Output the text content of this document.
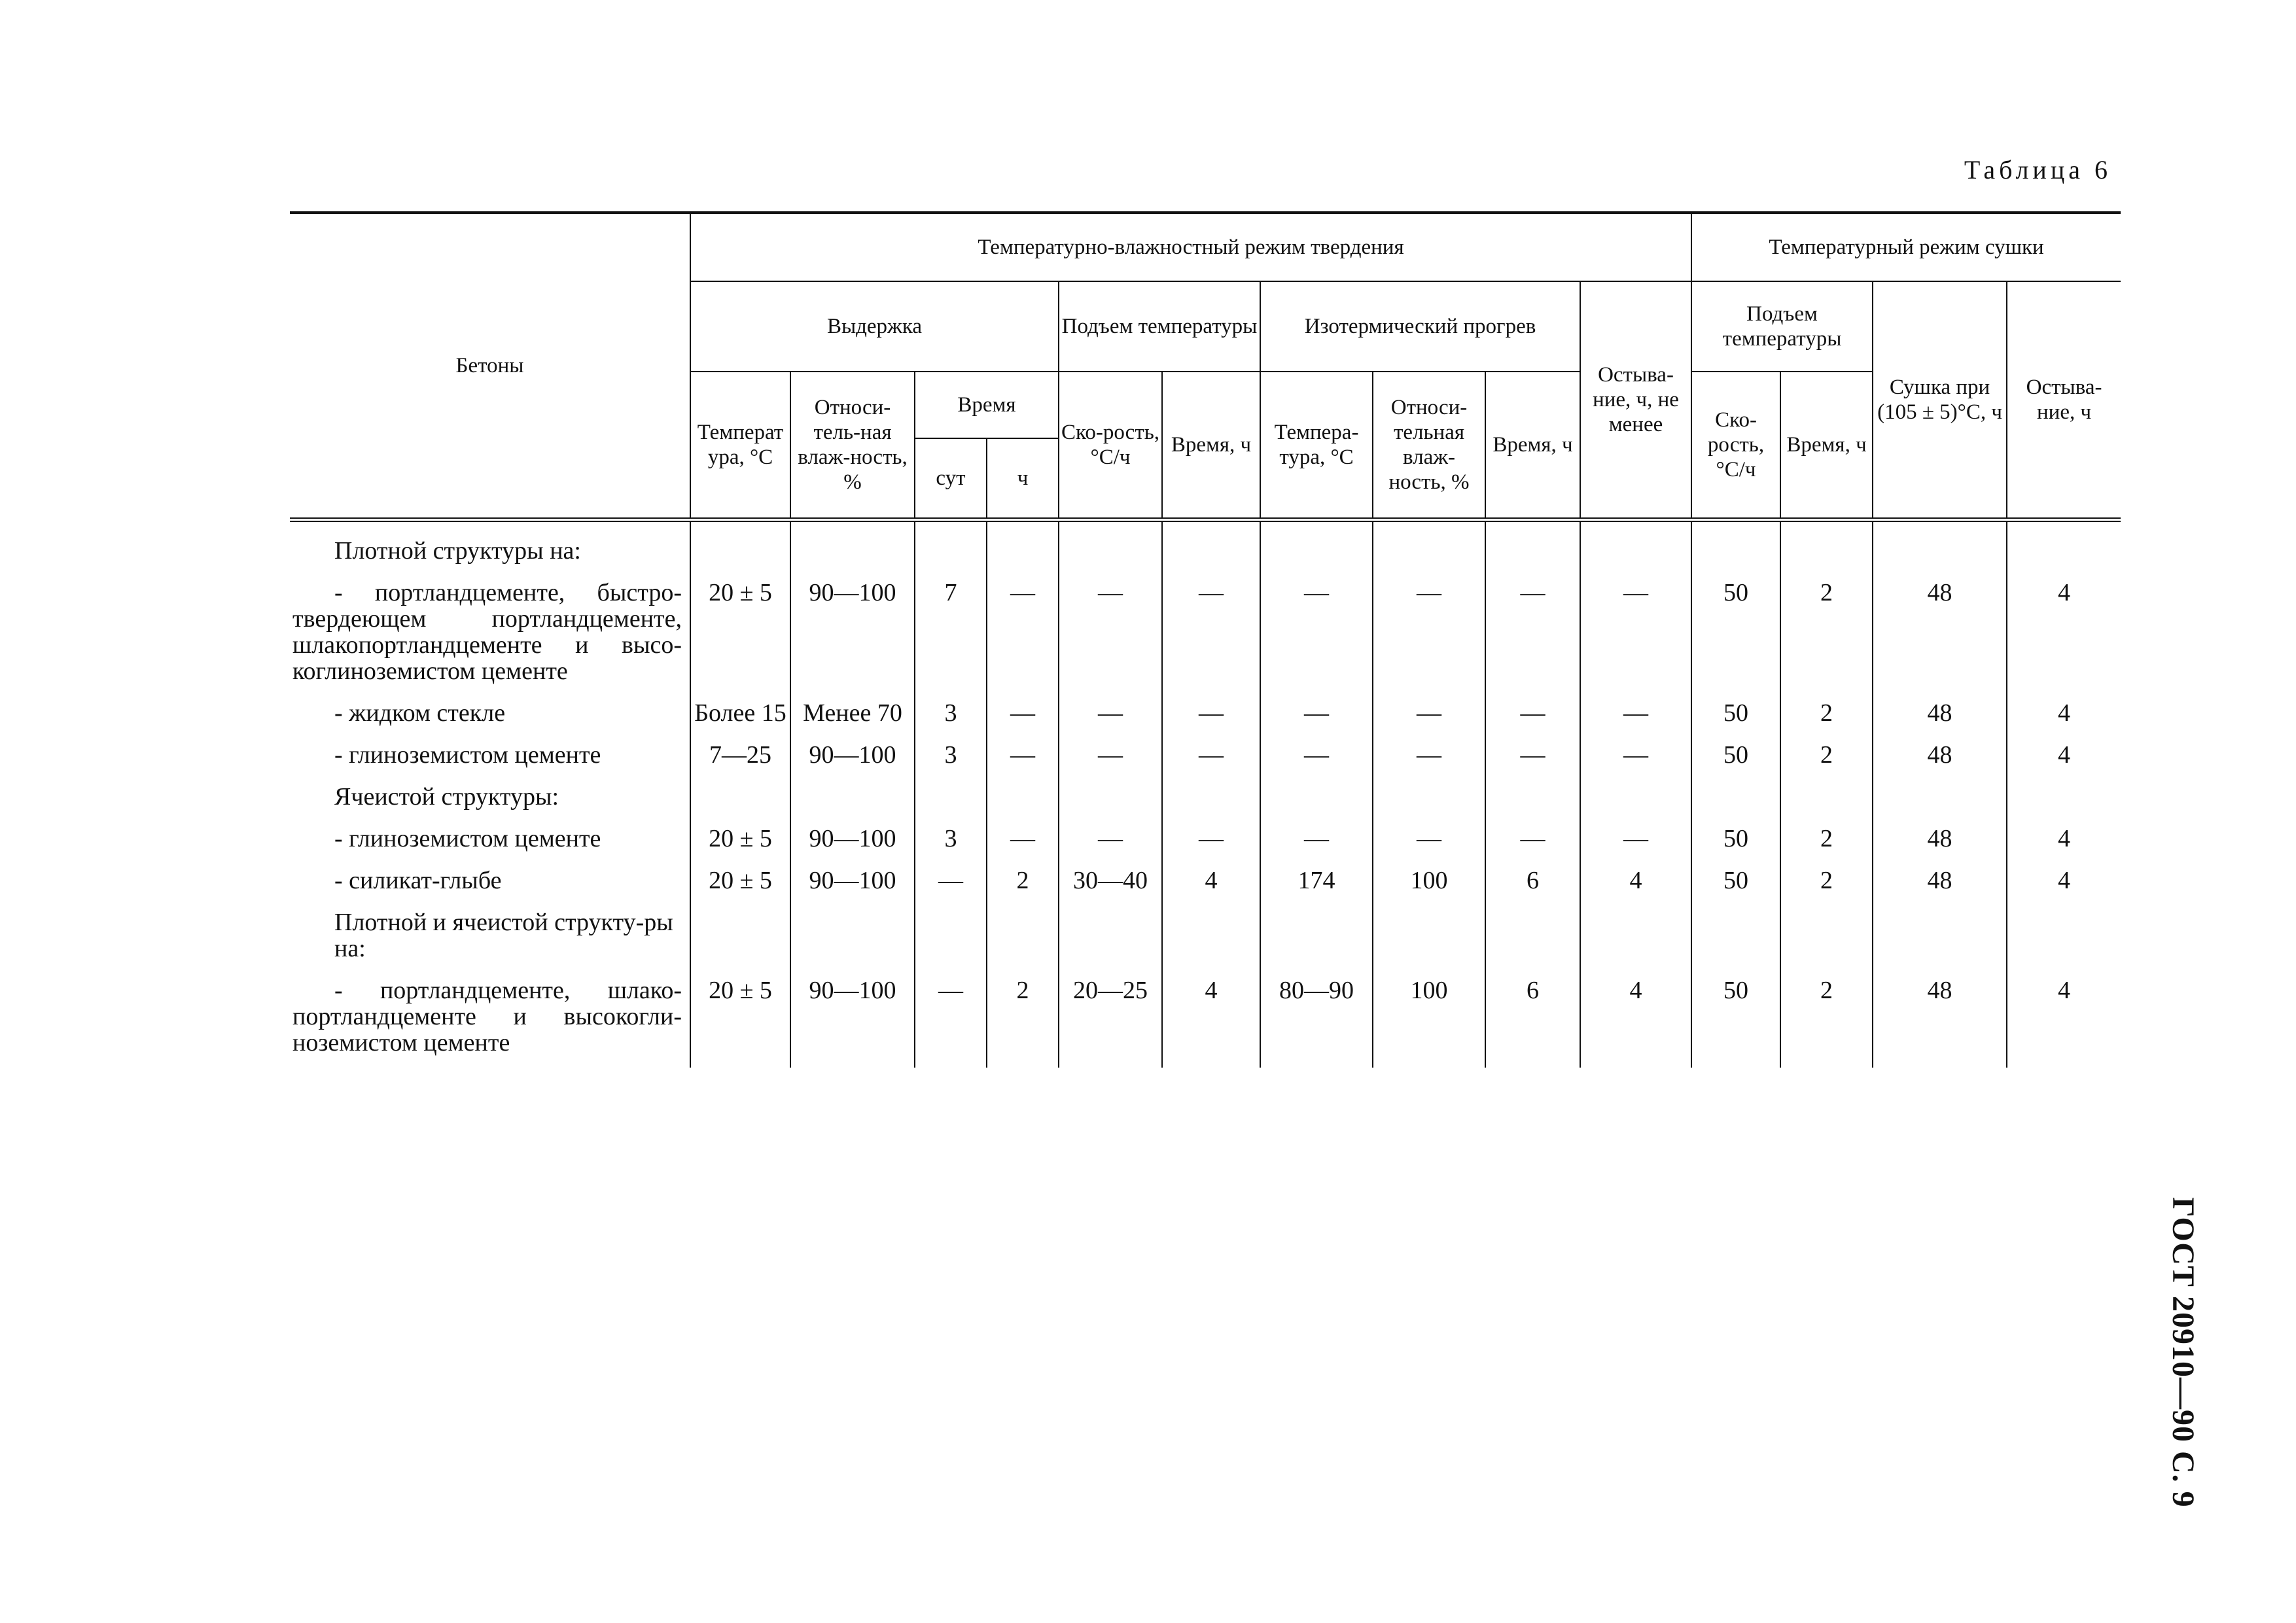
Таблица 6
ГОСТ 20910—90 С. 9
Бетоны	Температурно-влажностный режим твердения										Температурный режим сушки			
	Выдержка				Подъем температуры		Изотермический прогрев			Остыва-ние, ч, не менее	Подъем температуры		Сушка при (105 ± 5)°С, ч	Остыва-ние, ч
	Температ ура, °С	Относи-тель-ная влаж-ность, %	Время		Ско-рость, °С/ч	Время, ч	Темпера-тура, °С	Относи-тельная влаж-ность, %	Время, ч		Ско-рость, °С/ч	Время, ч		
			сут	ч										
Плотной структуры на:														
- портландцементе, быстро-твердеющем портландцементе, шлакопортландцементе и высо-коглиноземистом цементе	20 ± 5	90—100	7	—	—	—	—	—	—	—	50	2	48	4
- жидком стекле	Более 15	Менее 70	3	—	—	—	—	—	—	—	50	2	48	4
- глиноземистом цементе	7—25	90—100	3	—	—	—	—	—	—	—	50	2	48	4
Ячеистой структуры:														
- глиноземистом цементе	20 ± 5	90—100	3	—	—	—	—	—	—	—	50	2	48	4
- силикат-глыбе	20 ± 5	90—100	—	2	30—40	4	174	100	6	4	50	2	48	4
Плотной и ячеистой структу-ры на:														
- портландцементе, шлако-портландцементе и высокогли-ноземистом цементе	20 ± 5	90—100	—	2	20—25	4	80—90	100	6	4	50	2	48	4
